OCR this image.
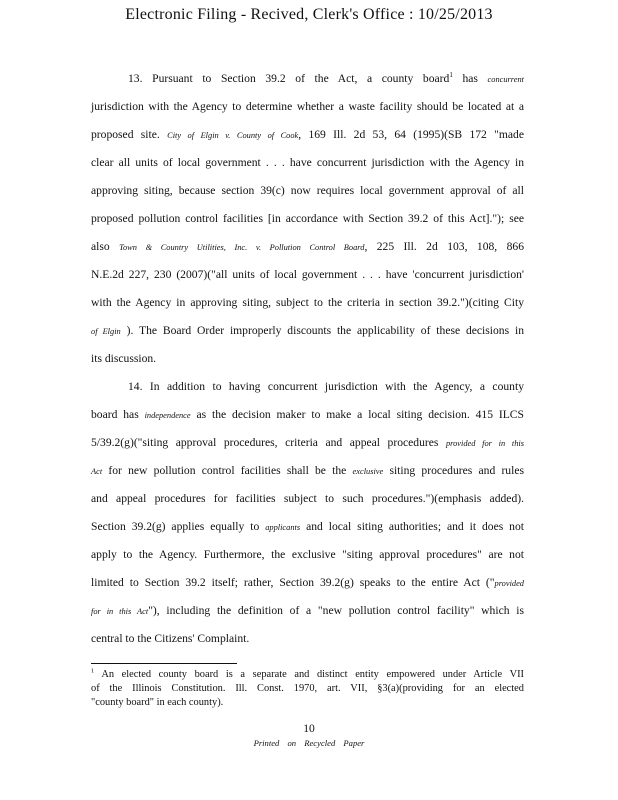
Electronic Filing - Recived, Clerk's Office : 10/25/2013
13. Pursuant to Section 39.2 of the Act, a county board$^1$ has concurrent
jurisdiction with the Agency to determine whether a waste facility should be located at a
proposed site. City of Elgin v. County of Cook, 169 Ill. 2d 53, 64 (1995)(SB 172 "made
clear all units of local government . . . have concurrent jurisdiction with the Agency in
approving siting, because section 39(c) now requires local government approval of all
proposed pollution control facilities [in accordance with Section 39.2 of this Act]."); see
also Town & Country Utilities, Inc. v. Pollution Control Board, 225 Ill. 2d 103, 108, 866
N.E.2d 227, 230 (2007)("all units of local government . . . have 'concurrent jurisdiction'
with the Agency in approving siting, subject to the criteria in section 39.2.")(citing City
of Elgin ). The Board Order improperly discounts the applicability of these decisions in
its discussion.
14. In addition to having concurrent jurisdiction with the Agency, a county
board has independence as the decision maker to make a local siting decision. 415 ILCS
5/39.2(g)("siting approval procedures, criteria and appeal procedures provided for in this
Act for new pollution control facilities shall be the exclusive siting procedures and rules
and appeal procedures for facilities subject to such procedures.")(emphasis added).
Section 39.2(g) applies equally to applicants and local siting authorities; and it does not
apply to the Agency. Furthermore, the exclusive "siting approval procedures" are not
limited to Section 39.2 itself; rather, Section 39.2(g) speaks to the entire Act ("provided
for in this Act"), including the definition of a "new pollution control facility" which is
central to the Citizens' Complaint.
$^1$ An elected county board is a separate and distinct entity empowered under Article VII
of the Illinois Constitution. Ill. Const. 1970, art. VII, §3(a)(providing for an elected
"county board" in each county).
10
Printed on Recycled Paper
